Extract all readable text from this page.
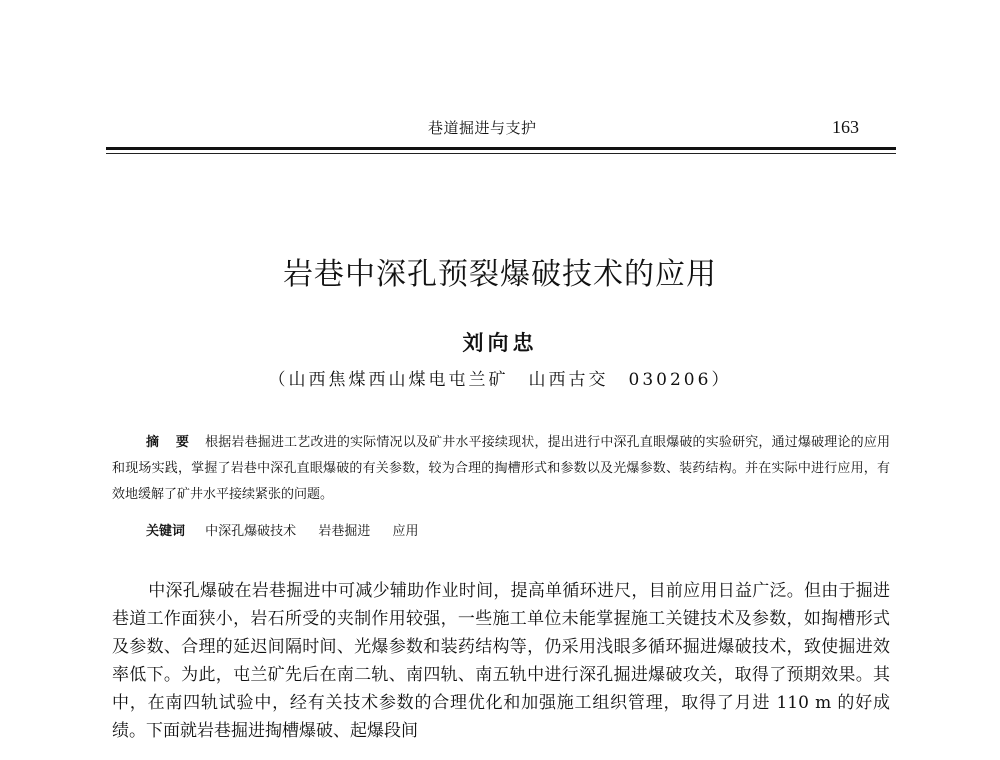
巷道掘进与支护	163
岩巷中深孔预裂爆破技术的应用
刘向忠
（山西焦煤西山煤电屯兰矿　山西古交　030206）
摘 要 根据岩巷掘进工艺改进的实际情况以及矿井水平接续现状，提出进行中深孔直眼爆破的实验研究，通过爆破理论的应用和现场实践，掌握了岩巷中深孔直眼爆破的有关参数，较为合理的掏槽形式和参数以及光爆参数、装药结构。并在实际中进行应用，有效地缓解了矿井水平接续紧张的问题。
关键词 中深孔爆破技术 岩巷掘进 应用
中深孔爆破在岩巷掘进中可减少辅助作业时间，提高单循环进尺，目前应用日益广泛。但由于掘进巷道工作面狭小，岩石所受的夹制作用较强，一些施工单位未能掌握施工关键技术及参数，如掏槽形式及参数、合理的延迟间隔时间、光爆参数和装药结构等，仍采用浅眼多循环掘进爆破技术，致使掘进效率低下。为此，屯兰矿先后在南二轨、南四轨、南五轨中进行深孔掘进爆破攻关，取得了预期效果。其中，在南四轨试验中，经有关技术参数的合理优化和加强施工组织管理，取得了月进 110 m 的好成绩。下面就岩巷掘进掏槽爆破、起爆段间
